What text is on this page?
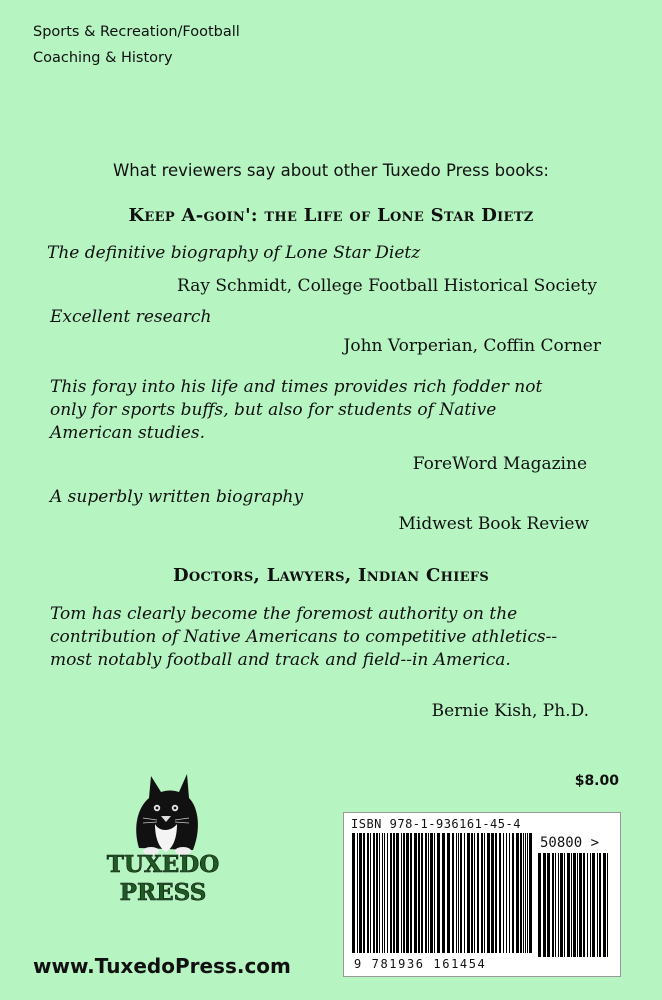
Sports & Recreation/Football
Coaching & History
What reviewers say about other Tuxedo Press books:
Keep A-goin': the Life of Lone Star Dietz
The definitive biography of Lone Star Dietz
Ray Schmidt, College Football Historical Society
Excellent research
John Vorperian, Coffin Corner
This foray into his life and times provides rich fodder not only for sports buffs, but also for students of Native American studies.
ForeWord Magazine
A superbly written biography
Midwest Book Review
Doctors, Lawyers, Indian Chiefs
Tom has clearly become the foremost authority on the contribution of Native Americans to competitive athletics--most notably football and track and field--in America.
Bernie Kish, Ph.D.
TUXEDO
PRESS
$8.00
ISBN 978-1-936161-45-4
50800 >
9 781936 161454
www.TuxedoPress.com
